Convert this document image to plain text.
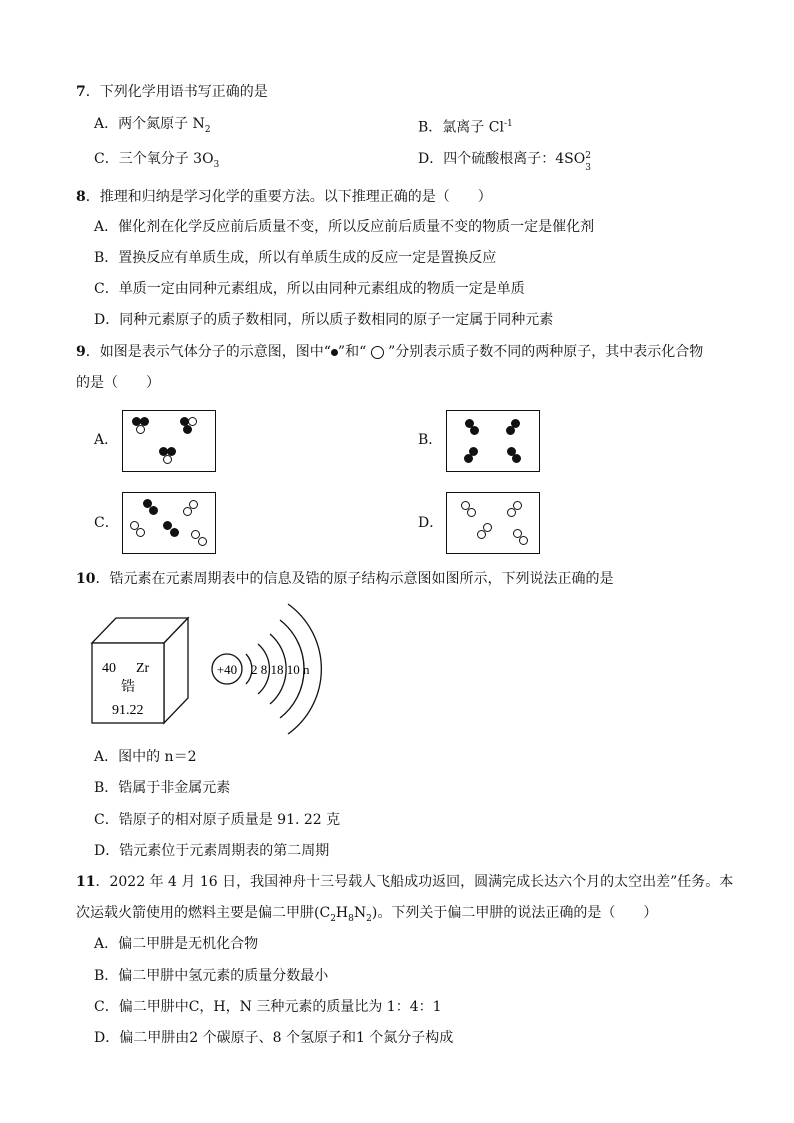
7．下列化学用语书写正确的是
A．两个氮原子 $N_2$	B．氯离子 $Cl^{-1}$
C．三个氧分子 $3O_3$	D．四个硫酸根离子：4SO 2
3
8．推理和归纳是学习化学的重要方法。以下推理正确的是（　　）
A．催化剂在化学反应前后质量不变，所以反应前后质量不变的物质一定是催化剂
B．置换反应有单质生成，所以有单质生成的反应一定是置换反应
C．单质一定由同种元素组成，所以由同种元素组成的物质一定是单质
D．同种元素原子的质子数相同，所以质子数相同的原子一定属于同种元素
9．如图是表示气体分子的示意图，图中“ ”和“  ”分别表示质子数不同的两种原子，其中表示化合物
的是（　　）
A．	B．
C．	D．
10．锆元素在元素周期表中的信息及锆的原子结构示意图如图所示，下列说法正确的是
40 Zr
锆
91.22
+40 2 8 18 10 n
A．图中的 n＝2
B．锆属于非金属元素
C．锆原子的相对原子质量是 91. 22 克
D．锆元素位于元素周期表的第二周期
11．2022 年 4 月 16 日，我国神舟十三号载人飞船成功返回，圆满完成长达六个月的太空出差”任务。本
次运载火箭使用的燃料主要是偏二甲肼$(C_2H_8N_2)$。下列关于偏二甲肼的说法正确的是（　　）
A．偏二甲肼是无机化合物
B．偏二甲肼中氢元素的质量分数最小
C．偏二甲肼中C，H，N 三种元素的质量比为 1：4：1
D．偏二甲肼由2 个碳原子、8 个氢原子和1 个氮分子构成
